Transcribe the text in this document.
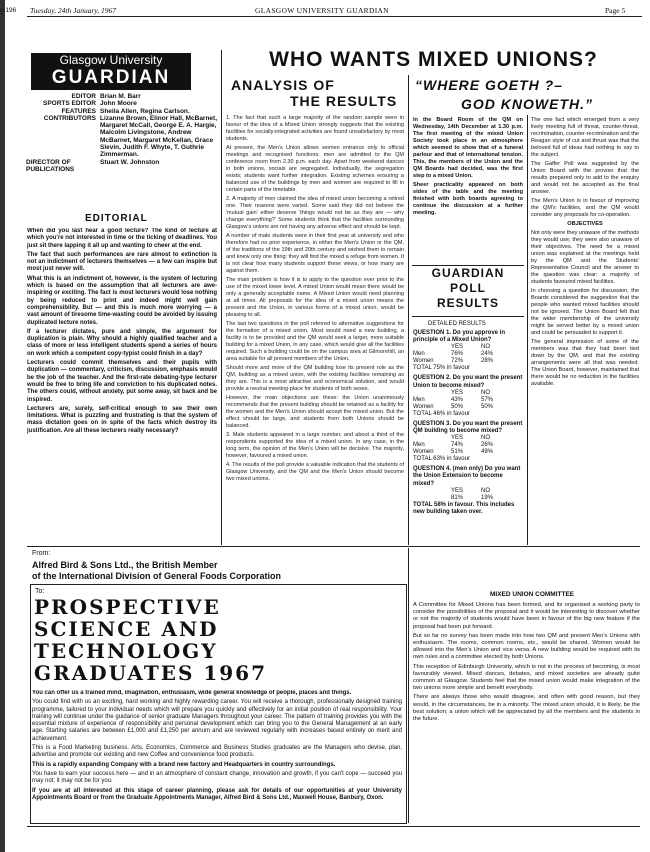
n 196 Tuesday, 24th January, 1967	GLASGOW UNIVERSITY GUARDIAN	Page 5
Glasgow University
GUARDIAN
EDITOR	Brian M. Barr
SPORTS EDITOR	John Moore
FEATURES	Sheila Allen, Regina Carlson.
CONTRIBUTORS	Lizanne Brown, Elinor Hall, McBarnet, Margaret McCall, George E. A. Hargie, Malcolm Livingstone, Andrew McBarnet, Margaret McKellan, Grace Slevin, Judith F. Whyte, T. Guthrie Zimmerman.
DIRECTOR OF PUBLICATIONS	Stuart W. Johnston
EDITORIAL

When did you last hear a good lecture? The kind of lecture at which you're not interested in time or the ticking of deadlines. You just sit there lapping it all up and wanting to cheer at the end.

The fact that such performances are rare almost to extinction is not an indictment of lecturers themselves — a few can inspire but most just never will.

What this is an indictment of, however, is the system of lecturing which is based on the assumption that all lecturers are awe-inspiring or exciting. The fact is most lecturers would lose nothing by being reduced to print and indeed might well gain comprehensibility. But — and this is much more worrying — a vast amount of tiresome time-wasting could be avoided by issuing duplicated lecture notes.

If a lecturer dictates, pure and simple, the argument for duplication is plain. Why should a highly qualified teacher and a class of more or less intelligent students spend a series of hours on work which a competent copy-typist could finish in a day?

Lecturers could commit themselves and their pupils with duplication — commentary, criticism, discussion, emphasis would be the job of the teacher. And the first-rate debating-type lecturer would be free to bring life and conviction to his duplicated notes. The others could, without anxiety, put some away, sit back and be inspired.

Lecturers are, surely, self-critical enough to see their own limitations. What is puzzling and frustrating is that the system of mass dictation goes on in spite of the facts which destroy its justification. Are all these lecturers really necessary?

WHO WANTS MIXED UNIONS?
ANALYSIS OF
THE RESULTS

1. The fact that such a large majority of the random sample were in favour of the idea of a Mixed Union strongly suggests that the existing facilities for socially-integrated activities are found unsatisfactory by most students.

At present, the Men's Union allows women entrance only to official meetings and recognised functions; men are admitted to the QM conference room from 2.30 p.m. each day. Apart from weekend dances in both unions, socials are segregated. Individually, the segregation exists; students want further integration. Existing schemes ensuring a balanced use of the buildings by men and women are required to fill in certain parts of the timetable.

2. A majority of men claimed the idea of mixed union becoming a retired one. Their reasons were varied. Some said they did not believe the 'mutual gain' either deserve 'things would not be as they are — why change everything?' Some students think that the facilities surrounding Glasgow's unions are not having any adverse effect and should be kept.

A number of male students were in their first year at university and who therefore had no prior experience, in either the Men's Union or the QM, of the traditions of the 19th and 20th century and wished them to remain and knew only one thing: they will find the mixed a refuge from women. It is not clear how many students support these views, or how many are against them.

The main problem is how it is to apply to the question ever prior to the use of the mixed lower level. A mixed Union would mean there would be only a generally acceptable name. A Mixed Union would need planning at all times. All proposals for the idea of a mixed union means the present and the Union, in various forms of a mixed union, would be pleasing to all.

The last two questions in the poll referred to alternative suggestions for the formation of a mixed union. Most would need a new building, a facility is to be provided and the QM would seek a larger, more suitable building for a mixed Union, in any case, which would give all the facilities required. Such a building could be on the campus area at Gilmorehill, an area suitable for all present members of the Union.

Should more and more of the QM building lose its present role as the QM, building as a mixed union, with the existing facilities remaining as they are. This is a most attractive and economical solution, and would provide a neutral meeting-place for students of both sexes.

However, the main objections are these: the Union unanimously recommends that the present building should be retained as a facility for the women and the Men's Union should accept the mixed union. But the effect should be large, and students from both Unions should be balanced.

3. Male students appeared in a large number, and about a third of the respondents supported the idea of a mixed union. In any case, in the long term, the opinion of the Men's Union will be decisive. The majority, however, favoured a mixed union.

4. The results of the poll provide a valuable indication that the students of Glasgow University, and the QM and the Men's Union should become two mixed unions.

“WHERE GOETH ?–
GOD KNOWETH.”

In the Board Room of the QM on Wednesday, 14th December at 1.30 p.m. The first meeting of the mixed Union Society took place in an atmosphere which seemed to show that of a funeral parlour and that of international tension. This, the members of the Union and the QM Boards had decided, was the first step to a mixed Union.

Sheer practicality appeared on both sides of the table and the meeting finished with both boards agreeing to continue the discussion at a further meeting.

The one fact which emerged from a very lively meeting full of threat, counter-threat, recrimination, counter-recrimination and the Reagan style of cut and thrust was that the beloved full of ideas had nothing to say to the subject.

The Gaffer Poll was suggested by the Union Board with the proviso that the results prepared only to add to the enquiry and would not be accepted as the final answer.

The Men's Union is in favour of improving the QM's facilities, and the QM would consider any proposals for co-operation.

OBJECTIVES

Not only were they unaware of the methods they would use; they were also unaware of their objectives. The need for a mixed union was explained at the meetings held by the QM and the Students' Representative Council and the answer to the question was clear: a majority of students favoured mixed facilities.

In choosing a question for discussion, the Boards considered the suggestion that the people who wanted mixed facilities should not be ignored. The Union Board felt that the wider membership of the university might be served better by a mixed union and could be persuaded to support it.

The general impression of some of the members was that they had been tied down by the QM, and that the existing arrangements were all that was needed. The Union Board, however, maintained that there would be no reduction in the facilities available.

GUARDIAN
POLL
RESULTS
DETAILED RESULTS
QUESTION 1. Do you approve in principle of a Mixed Union?
YES	NO
Men	76%	24%
Women	72%	28%
TOTAL 75% in favour
QUESTION 2. Do you want the present Union to become mixed?
YES	NO
Men	43%	57%
Women	50%	50%
TOTAL 46% in favour
QUESTION 3. Do you want the present QM building to become mixed?
YES	NO
Men	74%	26%
Women	51%	49%
TOTAL 63% in favour
QUESTION 4. (men only) Do you want the Union Extension to become mixed?
YES	NO
81%	19%
TOTAL 58% in favour. This includes new building taken over.
From:
Alfred Bird & Sons Ltd., the British Member
of the International Division of General Foods Corporation
To:
PROSPECTIVE
SCIENCE AND
TECHNOLOGY
GRADUATES 1967

You can offer us a trained mind, imagination, enthusiasm, wide general knowledge of people, places and things.

You could find with us an exciting, hard working and highly rewarding career. You will receive a thorough, professionally designed training programme, tailored to your individual needs which will prepare you quickly and effectively for an initial position of real responsibility. Your training will continue under the guidance of senior graduate Managers throughout your career. The pattern of training provides you with the essential mixture of experience of responsibility and personal development which can bring you to the General Management at an early age. Starting salaries are between £1,000 and £1,250 per annum and are reviewed regularly with increases based entirely on merit and achievement.

This is a Food Marketing business. Arts, Economics, Commerce and Business Studies graduates are the Managers who devise, plan, advertise and promote our existing and new Coffee and convenience food products.

This is a rapidly expanding Company with a brand new factory and Headquarters in country surroundings.

You have to earn your success here — and in an atmosphere of constant change, innovation and growth, if you can't cope — succeed you may not; it may not be for you.

If you are at all interested at this stage of career planning, please ask for details of our opportunities at your University Appointments Board or from the Graduate Appointments Manager, Alfred Bird & Sons Ltd., Maxwell House, Banbury, Oxon.

MIXED UNION COMMITTEE

A Committee for Mixed Unions has been formed, and its organised a working party to consider the possibilities of the proposal and it would be interesting to discover whether or not the majority of students would have been in favour of the big new feature if the proposal had been put forward.

But so far no survey has been made into how two QM and present Men's Unions with enthusiasm. The rooms, common rooms, etc., would be shared. Women would be allowed into the Men's Union and vice versa. A new building would be required with its own rules and a committee elected by both Unions.

This reception of Edinburgh University, which is not in the process of becoming, is most favourably viewed. Mixed dances, debates, and mixed societies are already quite common at Glasgow. Students feel that the mixed union would make integration of the two unions more simple and benefit everybody.

There are always those who would disagree, and often with good reason, but they would, in the circumstances, be in a minority. The mixed union should, it is likely, be the best solution; a union which will be appreciated by all the members and the students in the future.
